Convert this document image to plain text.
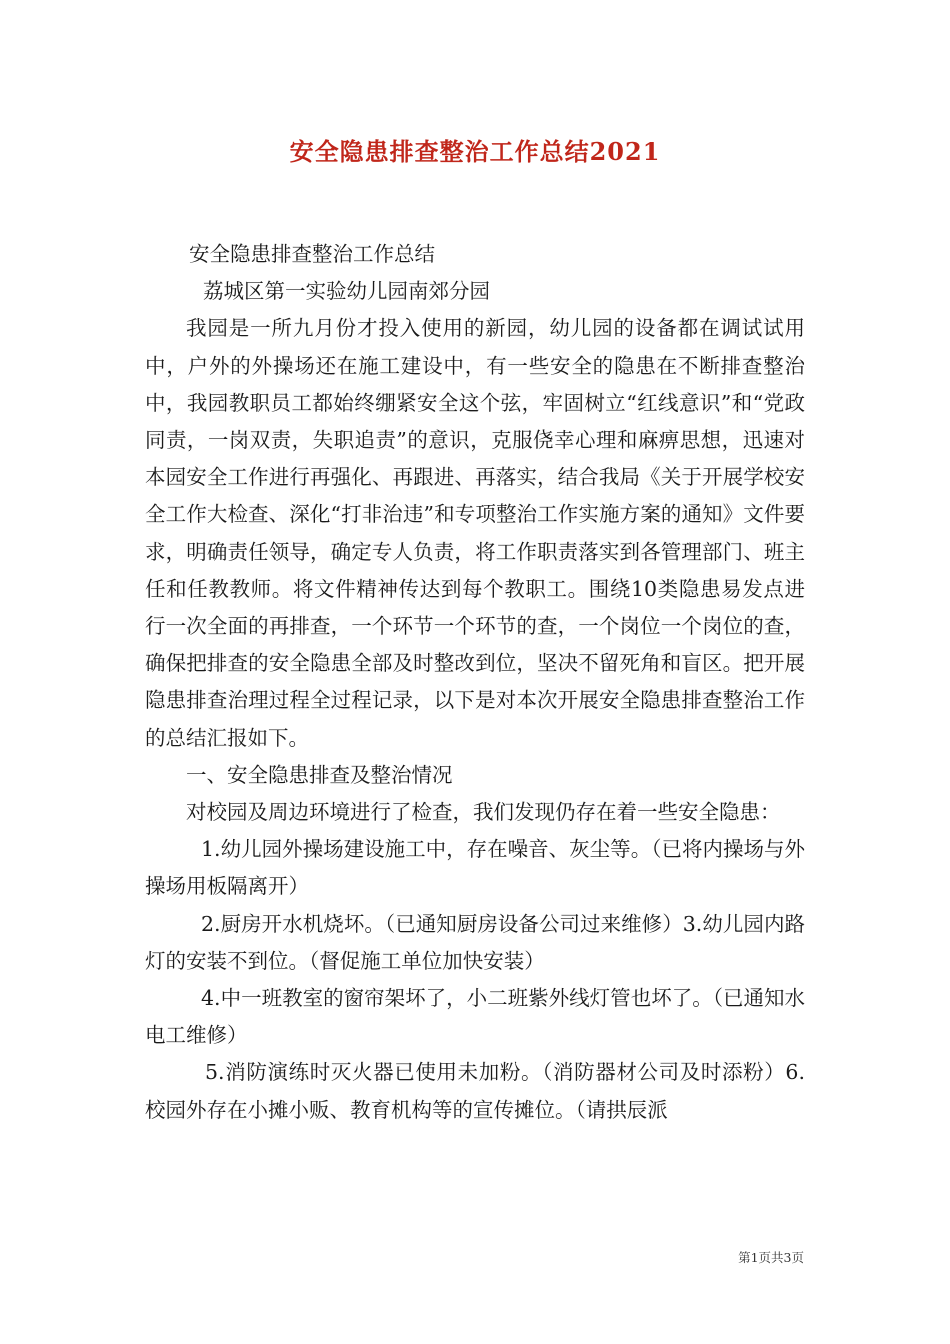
安全隐患排查整治工作总结2021

安全隐患排查整治工作总结

荔城区第一实验幼儿园南郊分园

我园是一所九月份才投入使用的新园，幼儿园的设备都在调试试用中，户外的外操场还在施工建设中，有一些安全的隐患在不断排查整治中，我园教职员工都始终绷紧安全这个弦，牢固树立“红线意识”和“党政同责，一岗双责，失职追责”的意识，克服侥幸心理和麻痹思想，迅速对本园安全工作进行再强化、再跟进、再落实，结合我局《关于开展学校安全工作大检查、深化“打非治违”和专项整治工作实施方案的通知》文件要求，明确责任领导，确定专人负责，将工作职责落实到各管理部门、班主任和任教教师。将文件精神传达到每个教职工。围绕10类隐患易发点进行一次全面的再排查，一个环节一个环节的查，一个岗位一个岗位的查，确保把排查的安全隐患全部及时整改到位，坚决不留死角和盲区。把开展隐患排查治理过程全过程记录，以下是对本次开展安全隐患排查整治工作的总结汇报如下。

一、安全隐患排查及整治情况

对校园及周边环境进行了检查，我们发现仍存在着一些安全隐患：

1.幼儿园外操场建设施工中，存在噪音、灰尘等。（已将内操场与外操场用板隔离开）

2.厨房开水机烧坏。（已通知厨房设备公司过来维修）3.幼儿园内路灯的安装不到位。（督促施工单位加快安装）

4.中一班教室的窗帘架坏了，小二班紫外线灯管也坏了。（已通知水电工维修）

5.消防演练时灭火器已使用未加粉。（消防器材公司及时添粉）6.校园外存在小摊小贩、教育机构等的宣传摊位。（请拱辰派

第1页共3页
